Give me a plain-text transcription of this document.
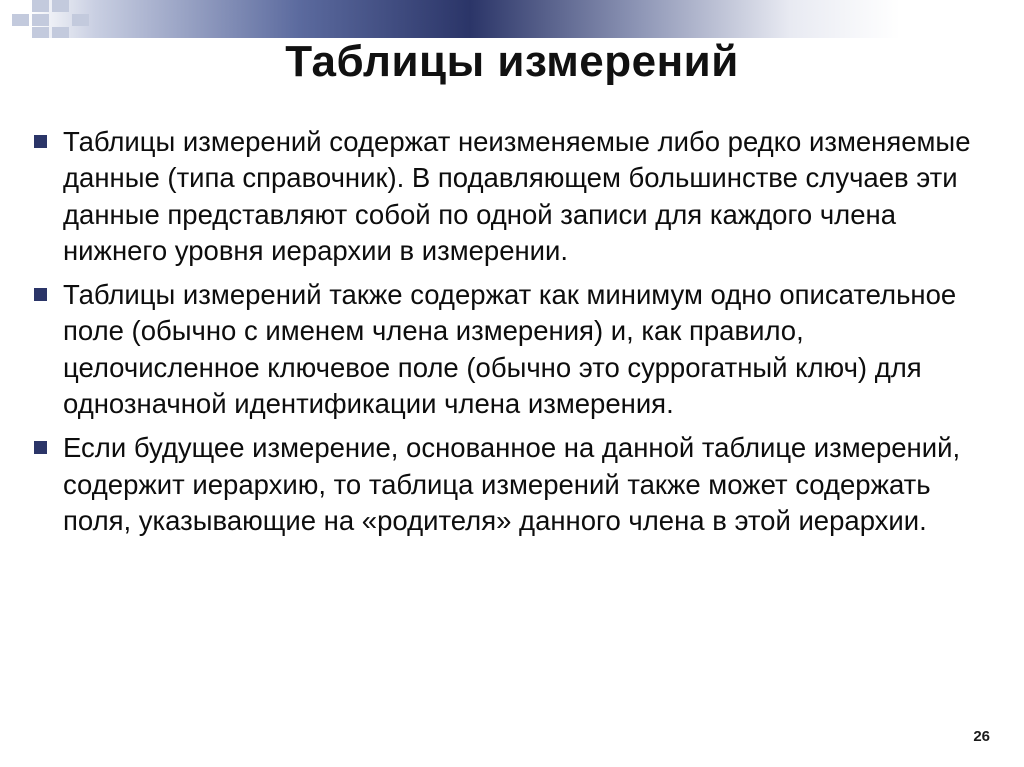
Таблицы измерений
Таблицы измерений содержат неизменяемые либо редко изменяемые данные (типа справочник). В подавляющем большинстве случаев эти данные представляют собой по одной записи для каждого члена нижнего уровня иерархии в измерении.
Таблицы измерений также содержат как минимум одно описательное поле (обычно с именем члена измерения) и, как правило, целочисленное ключевое поле (обычно это суррогатный ключ) для однозначной идентификации члена измерения.
Если будущее измерение, основанное на данной таблице измерений, содержит иерархию, то таблица измерений также может содержать поля, указывающие на «родителя» данного члена в этой иерархии.
26
